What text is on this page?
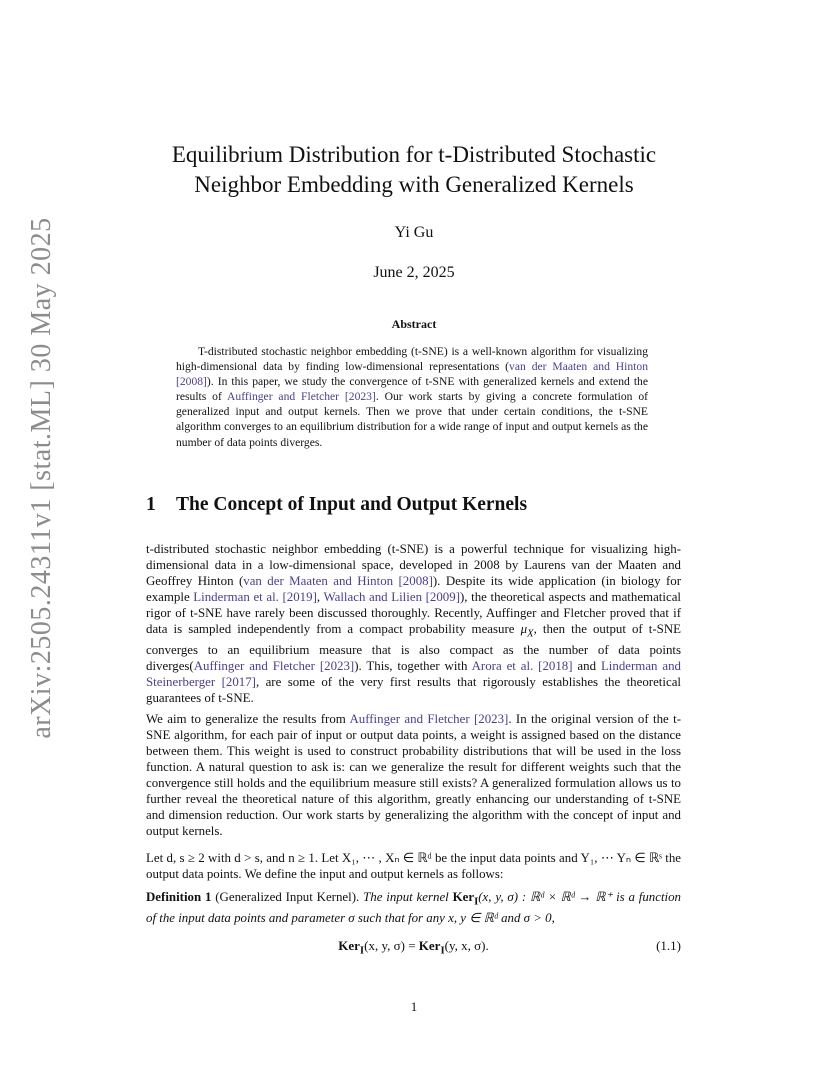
arXiv:2505.24311v1 [stat.ML] 30 May 2025
Equilibrium Distribution for t-Distributed Stochastic
Neighbor Embedding with Generalized Kernels
Yi Gu
June 2, 2025
Abstract

T-distributed stochastic neighbor embedding (t-SNE) is a well-known algorithm for visualizing high-dimensional data by finding low-dimensional representations (van der Maaten and Hinton [2008]). In this paper, we study the convergence of t-SNE with generalized kernels and extend the results of Auffinger and Fletcher [2023]. Our work starts by giving a concrete formulation of generalized input and output kernels. Then we prove that under certain conditions, the t-SNE algorithm converges to an equilibrium distribution for a wide range of input and output kernels as the number of data points diverges.

1 The Concept of Input and Output Kernels

t-distributed stochastic neighbor embedding (t-SNE) is a powerful technique for visualizing high-dimensional data in a low-dimensional space, developed in 2008 by Laurens van der Maaten and Geoffrey Hinton (van der Maaten and Hinton [2008]). Despite its wide application (in biology for example Linderman et al. [2019], Wallach and Lilien [2009]), the theoretical aspects and mathematical rigor of t-SNE have rarely been discussed thoroughly. Recently, Auffinger and Fletcher proved that if data is sampled independently from a compact probability measure $\mu_X$, then the output of t-SNE converges to an equilibrium measure that is also compact as the number of data points diverges(Auffinger and Fletcher [2023]). This, together with Arora et al. [2018] and Linderman and Steinerberger [2017], are some of the very first results that rigorously establishes the theoretical guarantees of t-SNE.

We aim to generalize the results from Auffinger and Fletcher [2023]. In the original version of the t-SNE algorithm, for each pair of input or output data points, a weight is assigned based on the distance between them. This weight is used to construct probability distributions that will be used in the loss function. A natural question to ask is: can we generalize the result for different weights such that the convergence still holds and the equilibrium measure still exists? A generalized formulation allows us to further reveal the theoretical nature of this algorithm, greatly enhancing our understanding of t-SNE and dimension reduction. Our work starts by generalizing the algorithm with the concept of input and output kernels.

Let d, s ≥ 2 with d > s, and n ≥ 1. Let X₁, ⋯ , Xₙ ∈ ℝᵈ be the input data points and Y₁, ⋯ Yₙ ∈ ℝˢ the output data points. We define the input and output kernels as follows:

Definition 1 (Generalized Input Kernel). The input kernel Ker$_I$(x, y, σ) : ℝᵈ × ℝᵈ → ℝ⁺ is a function of the input data points and parameter σ such that for any x, y ∈ ℝᵈ and σ > 0,

Ker$_I$(x, y, σ) = Ker$_I$(y, x, σ).	(1.1)
1
